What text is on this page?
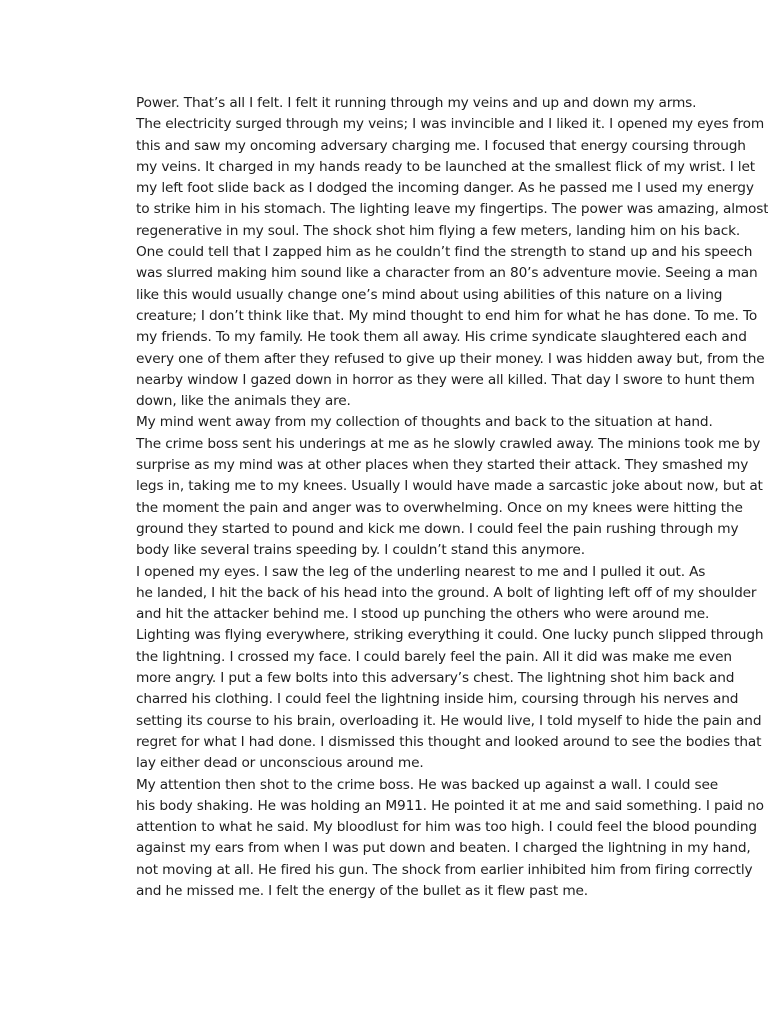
Power. That’s all I felt. I felt it running through my veins and up and down my arms.
The electricity surged through my veins; I was invincible and I liked it. I opened my eyes from
this and saw my oncoming adversary charging me. I focused that energy coursing through
my veins. It charged in my hands ready to be launched at the smallest flick of my wrist. I let
my left foot slide back as I dodged the incoming danger. As he passed me I used my energy
to strike him in his stomach. The lighting leave my fingertips. The power was amazing, almost
regenerative in my soul. The shock shot him flying a few meters, landing him on his back.
One could tell that I zapped him as he couldn’t find the strength to stand up and his speech
was slurred making him sound like a character from an 80’s adventure movie. Seeing a man
like this would usually change one’s mind about using abilities of this nature on a living
creature; I don’t think like that. My mind thought to end him for what he has done. To me. To
my friends. To my family. He took them all away. His crime syndicate slaughtered each and
every one of them after they refused to give up their money. I was hidden away but, from the
nearby window I gazed down in horror as they were all killed. That day I swore to hunt them
down, like the animals they are.

My mind went away from my collection of thoughts and back to the situation at hand.
The crime boss sent his underings at me as he slowly crawled away. The minions took me by
surprise as my mind was at other places when they started their attack. They smashed my
legs in, taking me to my knees. Usually I would have made a sarcastic joke about now, but at
the moment the pain and anger was to overwhelming. Once on my knees were hitting the
ground they started to pound and kick me down. I could feel the pain rushing through my
body like several trains speeding by. I couldn’t stand this anymore.

I opened my eyes. I saw the leg of the underling nearest to me and I pulled it out. As
he landed, I hit the back of his head into the ground. A bolt of lighting left off of my shoulder
and hit the attacker behind me. I stood up punching the others who were around me.
Lighting was flying everywhere, striking everything it could. One lucky punch slipped through
the lightning. I crossed my face. I could barely feel the pain. All it did was make me even
more angry. I put a few bolts into this adversary’s chest. The lightning shot him back and
charred his clothing. I could feel the lightning inside him, coursing through his nerves and
setting its course to his brain, overloading it. He would live, I told myself to hide the pain and
regret for what I had done. I dismissed this thought and looked around to see the bodies that
lay either dead or unconscious around me.

My attention then shot to the crime boss. He was backed up against a wall. I could see
his body shaking. He was holding an M911. He pointed it at me and said something. I paid no
attention to what he said. My bloodlust for him was too high. I could feel the blood pounding
against my ears from when I was put down and beaten. I charged the lightning in my hand,
not moving at all. He fired his gun. The shock from earlier inhibited him from firing correctly
and he missed me. I felt the energy of the bullet as it flew past me.
